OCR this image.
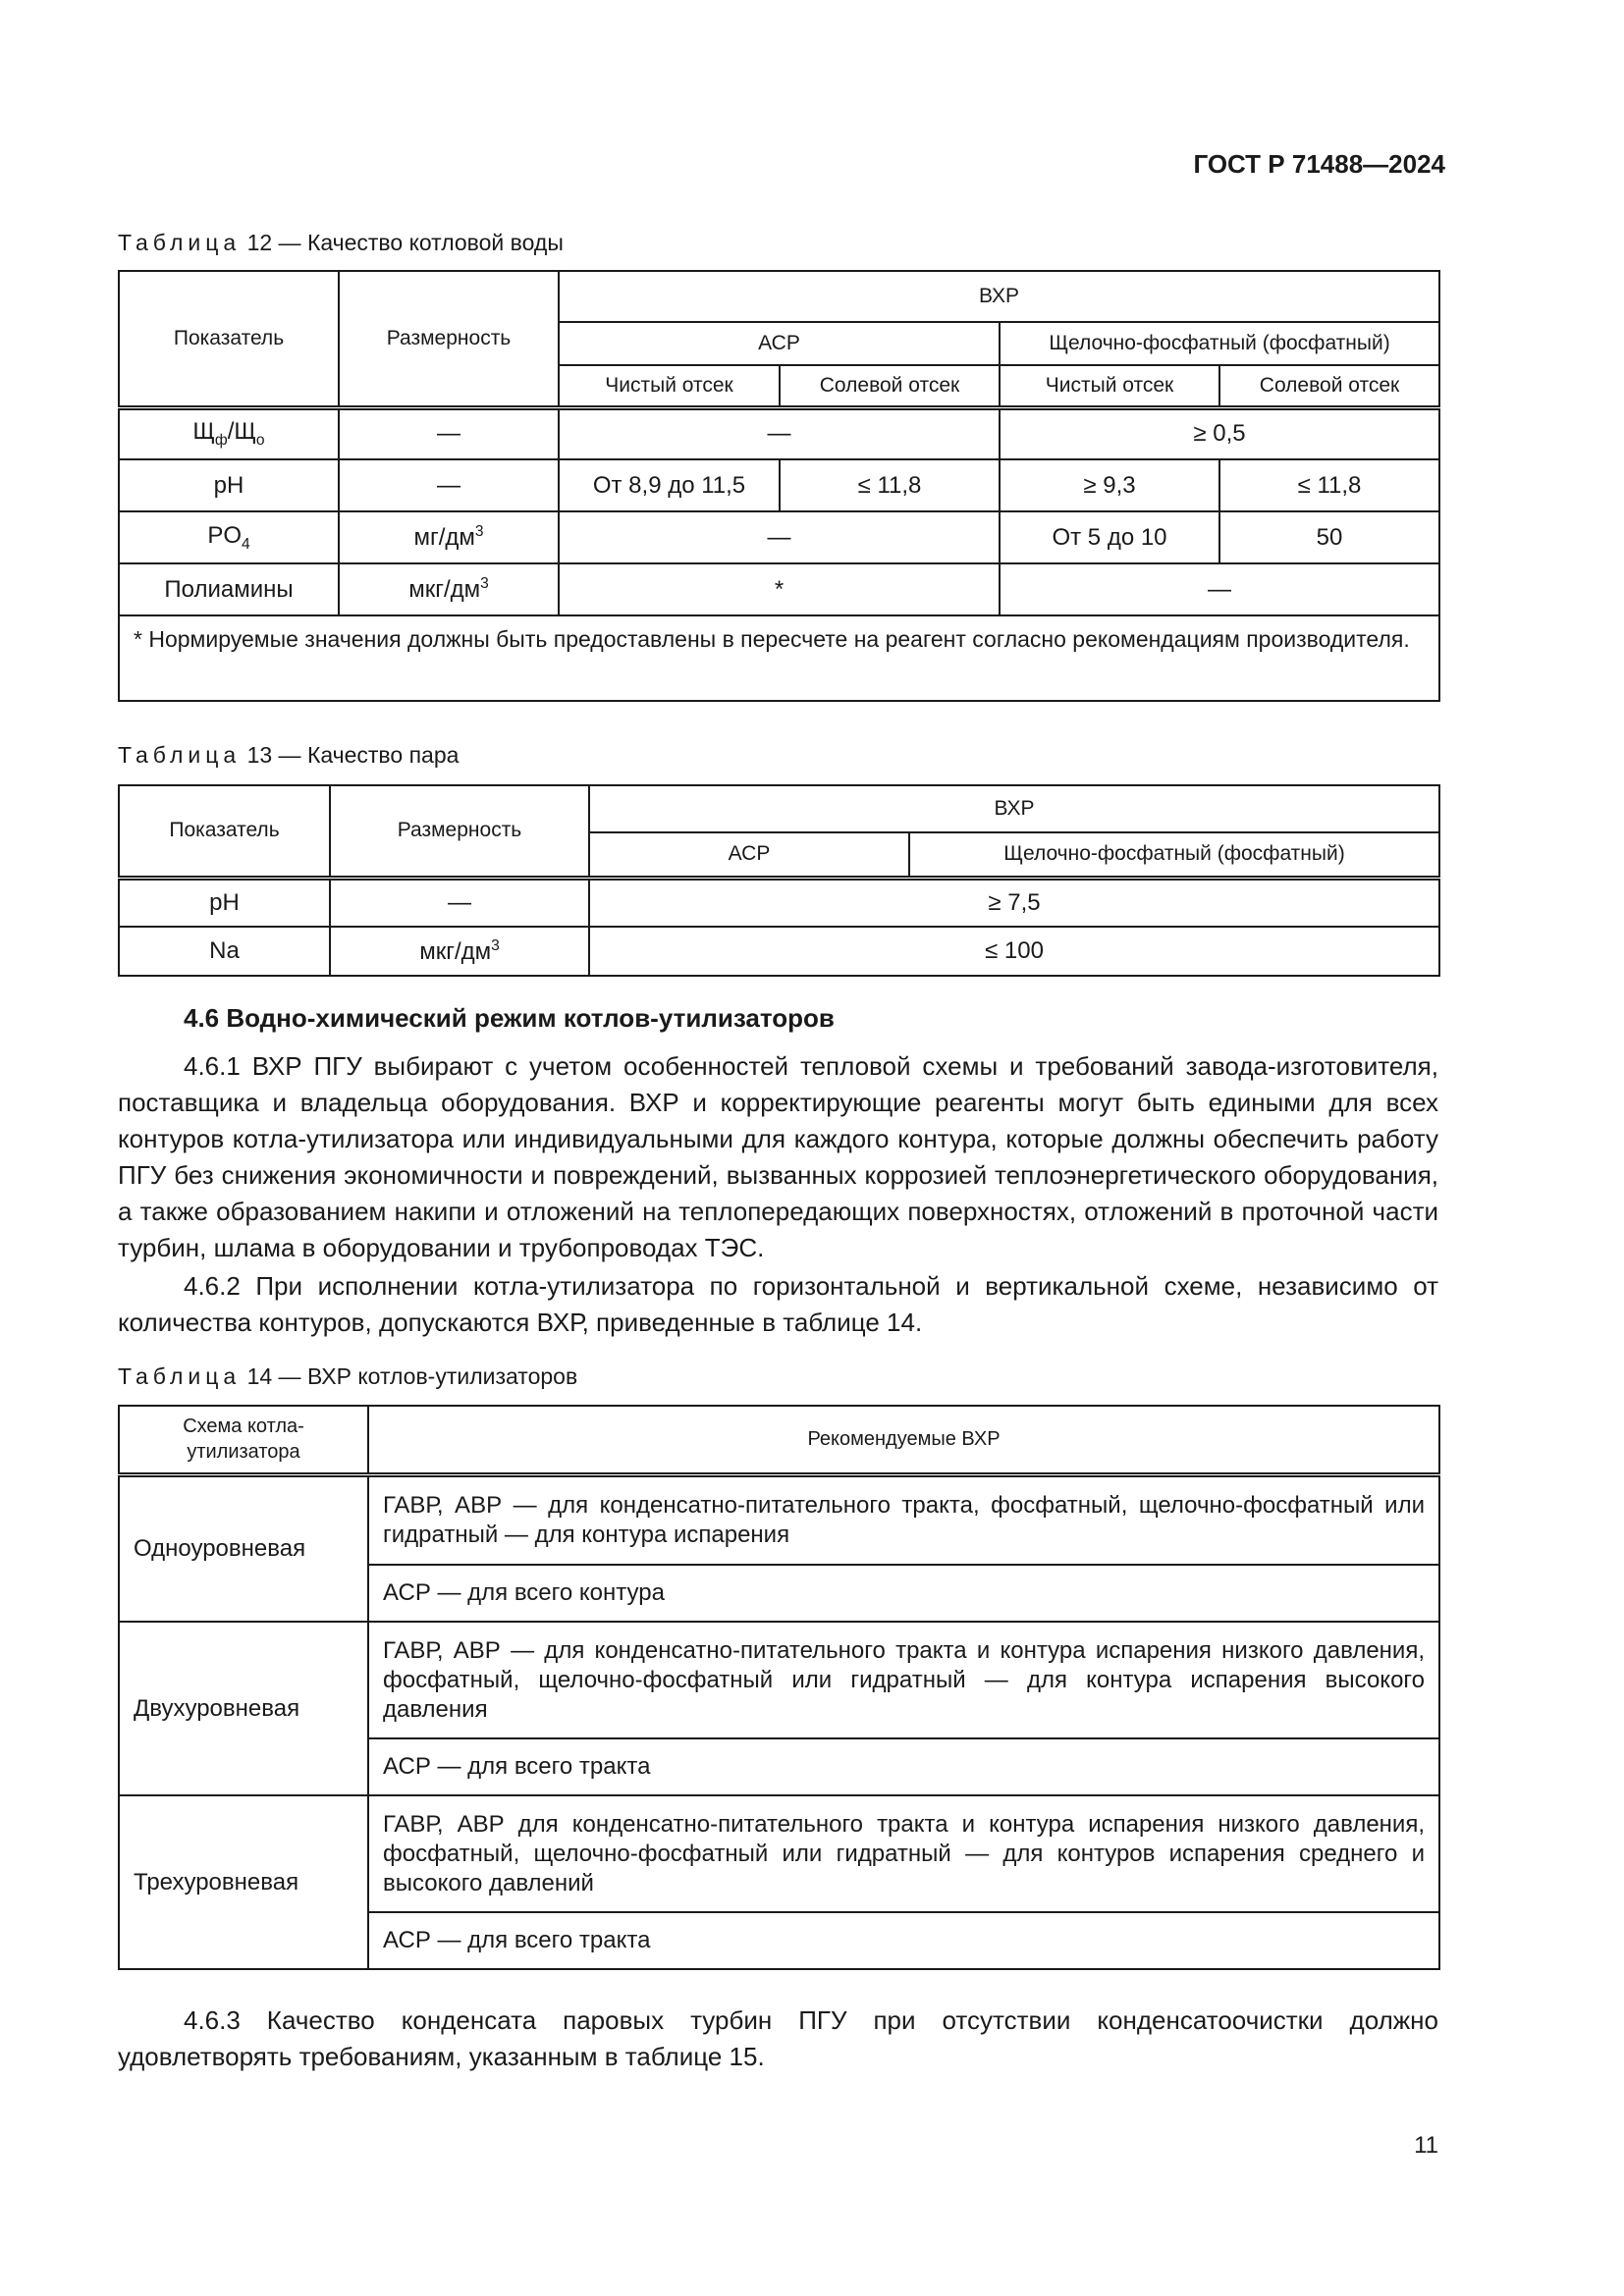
ГОСТ Р 71488—2024
Таблица 12 — Качество котловой воды
Показатель	Размерность	ВХР			
		АСР		Щелочно-фосфатный (фосфатный)	
		Чистый отсек	Солевой отсек	Чистый отсек	Солевой отсек
$Щ_ф/Щ_о$	—	—		≥ 0,5	
pH	—	От 8,9 до 11,5	≤ 11,8	≥ 9,3	≤ 11,8
$PO_4$	$мг/дм^3$	—		От 5 до 10	50
Полиамины	мкг/$дм^3$	*		—	
* Нормируемые значения должны быть предоставлены в пересчете на реагент согласно рекомендациям производителя.					
Таблица 13 — Качество пара
Показатель	Размерность	ВХР	
		АСР	Щелочно-фосфатный (фосфатный)
pH	—	≥ 7,5	
Na	мкг/$дм^3$	≤ 100	
4.6 Водно-химический режим котлов-утилизаторов

4.6.1 ВХР ПГУ выбирают с учетом особенностей тепловой схемы и требований завода-изготовителя, поставщика и владельца оборудования. ВХР и корректирующие реагенты могут быть едиными для всех контуров котла-утилизатора или индивидуальными для каждого контура, которые должны обеспечить работу ПГУ без снижения экономичности и повреждений, вызванных коррозией теплоэнергетического оборудования, а также образованием накипи и отложений на теплопередающих поверхностях, отложений в проточной части турбин, шлама в оборудовании и трубопроводах ТЭС.

4.6.2 При исполнении котла-утилизатора по горизонтальной и вертикальной схеме, независимо от количества контуров, допускаются ВХР, приведенные в таблице 14.

Таблица 14 — ВХР котлов-утилизаторов
Схема котла-
утилизатора	Рекомендуемые ВХР
Одноуровневая	ГАВР, АВР — для конденсатно-питательного тракта, фосфатный, щелочно-фосфатный или гидратный — для контура испарения
	АСР — для всего контура
Двухуровневая	ГАВР, АВР — для конденсатно-питательного тракта и контура испарения низкого давления, фосфатный, щелочно-фосфатный или гидратный — для контура испарения высокого давления
	АСР — для всего тракта
Трехуровневая	ГАВР, АВР для конденсатно-питательного тракта и контура испарения низкого давления, фосфатный, щелочно-фосфатный или гидратный — для контуров испарения среднего и высокого давлений
	АСР — для всего тракта

4.6.3 Качество конденсата паровых турбин ПГУ при отсутствии конденсатоочистки должно удовлетворять требованиям, указанным в таблице 15.

11
